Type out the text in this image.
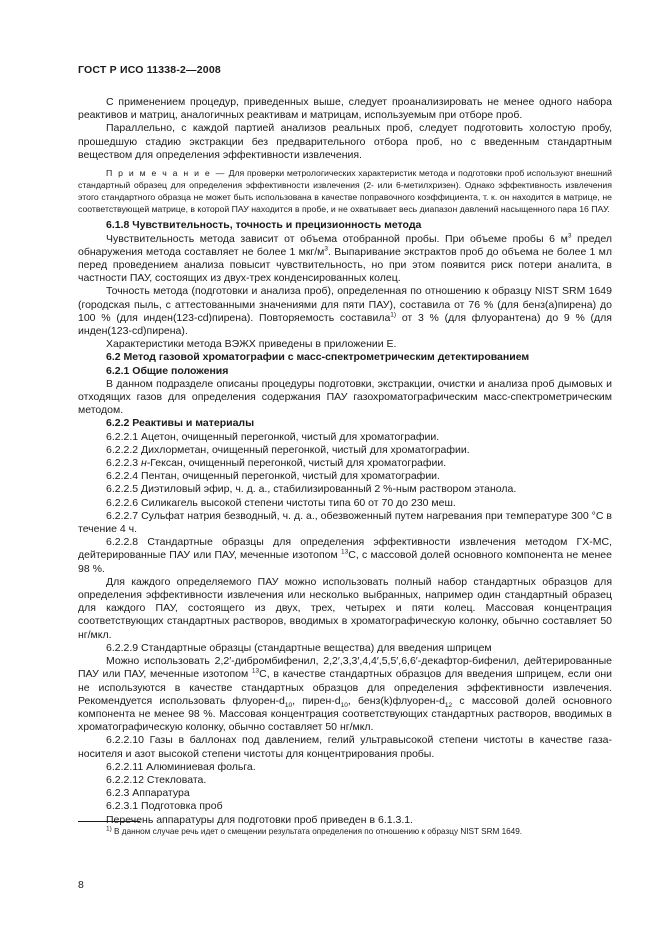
ГОСТ Р ИСО 11338-2—2008

С применением процедур, приведенных выше, следует проанализировать не менее одного набора реактивов и матриц, аналогичных реактивам и матрицам, используемым при отборе проб.

Параллельно, с каждой партией анализов реальных проб, следует подготовить холостую пробу, прошедшую стадию экстракции без предварительного отбора проб, но с введенным стандартным веществом для определения эффективности извлечения.

П р и м е ч а н и е — Для проверки метрологических характеристик метода и подготовки проб используют внешний стандартный образец для определения эффективности извлечения (2- или 6-метилхризен). Однако эффективность извлечения этого стандартного образца не может быть использована в качестве поправочного коэффициента, т. к. он находится в матрице, не соответствующей матрице, в которой ПАУ находится в пробе, и не охватывает весь диапазон давлений насыщенного пара 16 ПАУ.

6.1.8 Чувствительность, точность и прецизионность метода

Чувствительность метода зависит от объема отобранной пробы. При объеме пробы 6 $м^3$ предел обнаружения метода составляет не более 1 мкг/$м^3$. Выпаривание экстрактов проб до объема не более 1 мл перед проведением анализа повысит чувствительность, но при этом появится риск потери аналита, в частности ПАУ, состоящих из двух-трех конденсированных колец.

Точность метода (подготовки и анализа проб), определенная по отношению к образцу NIST SRM 1649 (городская пыль, с аттестованными значениями для пяти ПАУ), составила от 76 % (для бенз(а)пирена) до 100 % (для инден(123-cd)пирена). Повторяемость составила$^{1)}$ от 3 % (для флуорантена) до 9 % (для инден(123-cd)пирена).

Характеристики метода ВЭЖХ приведены в приложении Е.

6.2 Метод газовой хроматографии с масс-спектрометрическим детектированием

6.2.1 Общие положения

В данном подразделе описаны процедуры подготовки, экстракции, очистки и анализа проб дымовых и отходящих газов для определения содержания ПАУ газохроматографическим масс-спектрометрическим методом.

6.2.2 Реактивы и материалы

6.2.2.1 Ацетон, очищенный перегонкой, чистый для хроматографии.

6.2.2.2 Дихлорметан, очищенный перегонкой, чистый для хроматографии.

6.2.2.3 н-Гексан, очищенный перегонкой, чистый для хроматографии.

6.2.2.4 Пентан, очищенный перегонкой, чистый для хроматографии.

6.2.2.5 Диэтиловый эфир, ч. д. а., стабилизированный 2 %-ным раствором этанола.

6.2.2.6 Силикагель высокой степени чистоты типа 60 от 70 до 230 меш.

6.2.2.7 Сульфат натрия безводный, ч. д. а., обезвоженный путем нагревания при температуре 300 °С в течение 4 ч.

6.2.2.8 Стандартные образцы для определения эффективности извлечения методом ГХ-МС, дейтерированные ПАУ или ПАУ, меченные изотопом $^{13}$С, с массовой долей основного компонента не менее 98 %.

Для каждого определяемого ПАУ можно использовать полный набор стандартных образцов для определения эффективности извлечения или несколько выбранных, например один стандартный образец для каждого ПАУ, состоящего из двух, трех, четырех и пяти колец. Массовая концентрация соответствующих стандартных растворов, вводимых в хроматографическую колонку, обычно составляет 50 нг/мкл.

6.2.2.9 Стандартные образцы (стандартные вещества) для введения шприцем

Можно использовать 2,2′-дибромбифенил, 2,2′,3,3′,4,4′,5,5′,6,6′-декафтор-бифенил, дейтерированные ПАУ или ПАУ, меченные изотопом $^{13}$С, в качестве стандартных образцов для введения шприцем, если они не используются в качестве стандартных образцов для определения эффективности извлечения. Рекомендуется использовать флуорен-$d_{10}$, пирен-$d_{10}$, $бенз(k)флуорен-d_{12}$ с массовой долей основного компонента не менее 98 %. Массовая концентрация соответствующих стандартных растворов, вводимых в хроматографическую колонку, обычно составляет 50 нг/мкл.

6.2.2.10 Газы в баллонах под давлением, гелий ультравысокой степени чистоты в качестве газа-носителя и азот высокой степени чистоты для концентрирования пробы.

6.2.2.11 Алюминиевая фольга.

6.2.2.12 Стекловата.

6.2.3 Аппаратура

6.2.3.1 Подготовка проб

Перечень аппаратуры для подготовки проб приведен в 6.1.3.1.

$^{1)}$ В данном случае речь идет о смещении результата определения по отношению к образцу NIST SRM 1649.
8
